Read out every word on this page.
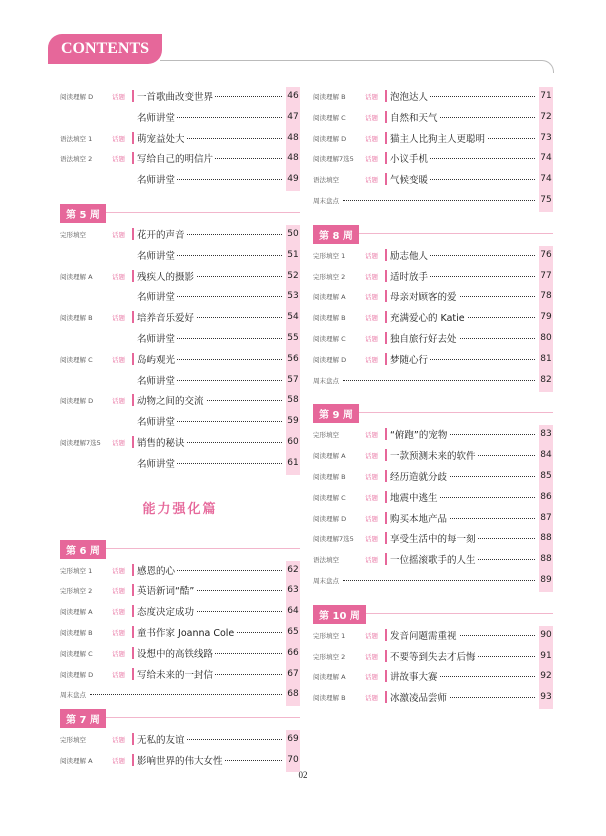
CONTENTS
阅读理解 D	话题 一首歌曲改变世界	46
名师讲堂	47
语法填空 1	话题 萌宠益处大	48
语法填空 2	话题 写给自己的明信片	48
名师讲堂	49
第 5 周
完形填空	话题 花开的声音	50
名师讲堂	51
阅读理解 A	话题 残疾人的摄影	52
名师讲堂	53
阅读理解 B	话题 培养音乐爱好	54
名师讲堂	55
阅读理解 C	话题 岛屿观光	56
名师讲堂	57
阅读理解 D	话题 动物之间的交流	58
名师讲堂	59
阅读理解7选5 话题 销售的秘诀	60
名师讲堂	61
第 6 周
完形填空 1	话题 感恩的心	62
完形填空 2	话题 英语新词“酷”	63
阅读理解 A	话题 态度决定成功	64
阅读理解 B	话题 童书作家 Joanna Cole	65
阅读理解 C	话题 设想中的高铁线路	66
阅读理解 D	话题 写给未来的一封信	67
周末盘点	68
第 7 周
完形填空	话题 无私的友谊	69
阅读理解 A	话题 影响世界的伟大女性	70
能力强化篇
阅读理解 B	话题 泡泡达人	71
阅读理解 C	话题 自然和天气	72
阅读理解 D	话题 猫主人比狗主人更聪明	73
阅读理解7选5 话题 小议手机	74
语法填空	话题 气候变暖	74
周末盘点	75
第 8 周
完形填空 1	话题 励志他人	76
完形填空 2	话题 适时放手	77
阅读理解 A	话题 母亲对顾客的爱	78
阅读理解 B	话题 充满爱心的 Katie	79
阅读理解 C	话题 独自旅行好去处	80
阅读理解 D	话题 梦随心行	81
周末盘点	82
第 9 周
完形填空	话题 “俯跑”的宠物	83
阅读理解 A	话题 一款预测未来的软件	84
阅读理解 B	话题 经历造就分歧	85
阅读理解 C	话题 地震中逃生	86
阅读理解 D	话题 购买本地产品	87
阅读理解7选5 话题 享受生活中的每一刻	88
语法填空	话题 一位摇滚歌手的人生	88
周末盘点	89
第 10 周
完形填空 1	话题 发音问题需重视	90
完形填空 2	话题 不要等到失去才后悔	91
阅读理解 A	话题 讲故事大赛	92
阅读理解 B	话题 冰激凌品尝师	93
02
